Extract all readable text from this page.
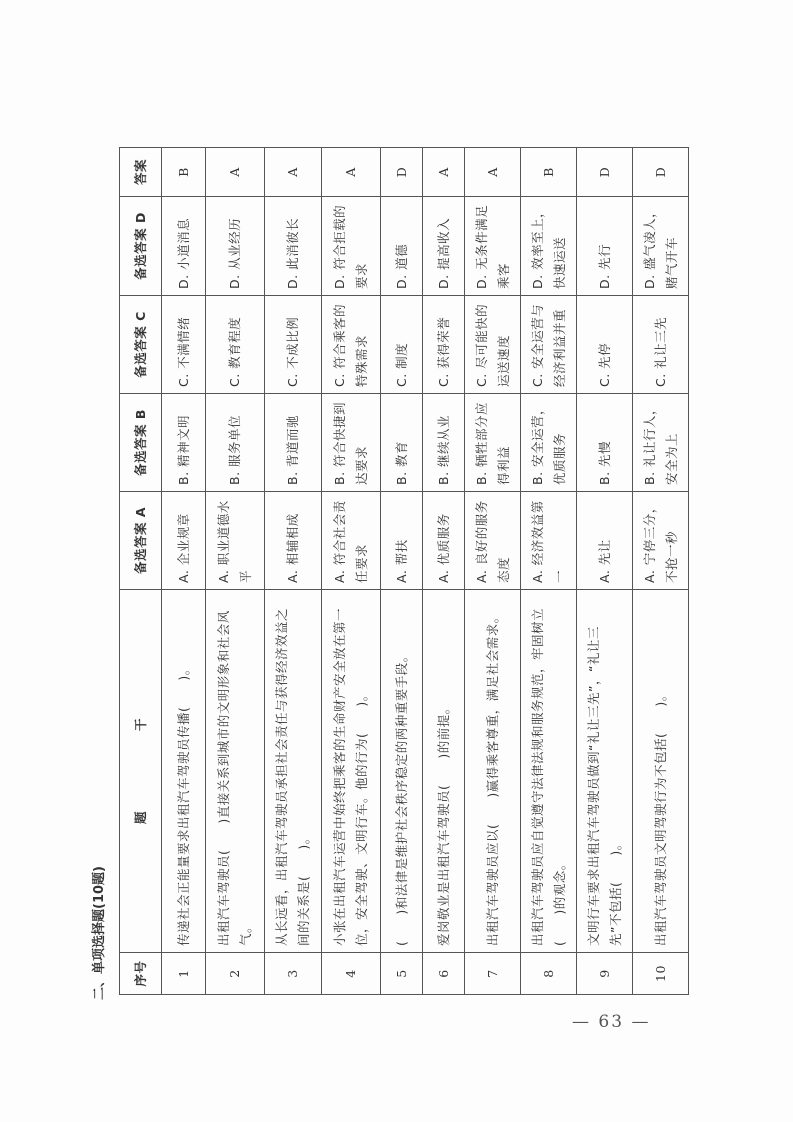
二、单项选择题(10题) 序号	题干	备选答案 A	备选答案 B	备选答案 C	备选答案 D	答案
1	传递社会正能量要求出租汽车驾驶员传播(　　)。	A. 企业规章	B. 精神文明	C. 不满情绪	D. 小道消息	B
2	出租汽车驾驶员(　　)直接关系到城市的文明形象和社会风气。	A. 职业道德水平	B. 服务单位	C. 教育程度	D. 从业经历	A
3	从长远看，出租汽车驾驶员承担社会责任与获得经济效益之间的关系是(　　)。	A. 相辅相成	B. 背道而驰	C. 不成比例	D. 此消彼长	A
4	小张在出租汽车运营中始终把乘客的生命财产安全放在第一位，安全驾驶、文明行车。他的行为(　　)。	A. 符合社会责任要求	B. 符合快捷到达要求	C. 符合乘客的特殊需求	D. 符合拒载的要求	A
5	(　　)和法律是维护社会秩序稳定的两种重要手段。	A. 帮扶	B. 教育	C. 制度	D. 道德	D
6	爱岗敬业是出租汽车驾驶员(　　)的前提。	A. 优质服务	B. 继续从业	C. 获得荣誉	D. 提高收入	A
7	出租汽车驾驶员应以(　　)赢得乘客尊重，满足社会需求。	A. 良好的服务态度	B. 牺牲部分应得利益	C. 尽可能快的运送速度	D. 无条件满足乘客	A
8	出租汽车驾驶员应自觉遵守法律法规和服务规范，牢固树立(　　)的观念。	A. 经济效益第一	B. 安全运营，优质服务	C. 安全运营与经济利益并重	D. 效率至上，快速运送	B
9	文明行车要求出租汽车驾驶员做到“礼让三先”，“礼让三先”不包括(　　)。	A. 先让	B. 先慢	C. 先停	D. 先行	D
10	出租汽车驾驶员文明驾驶行为不包括(　　)。	A. 宁停三分，不抢一秒	B. 礼让行人，安全为上	C. 礼让三先	D. 盛气凌人，赌气开车	D
— 63 —
